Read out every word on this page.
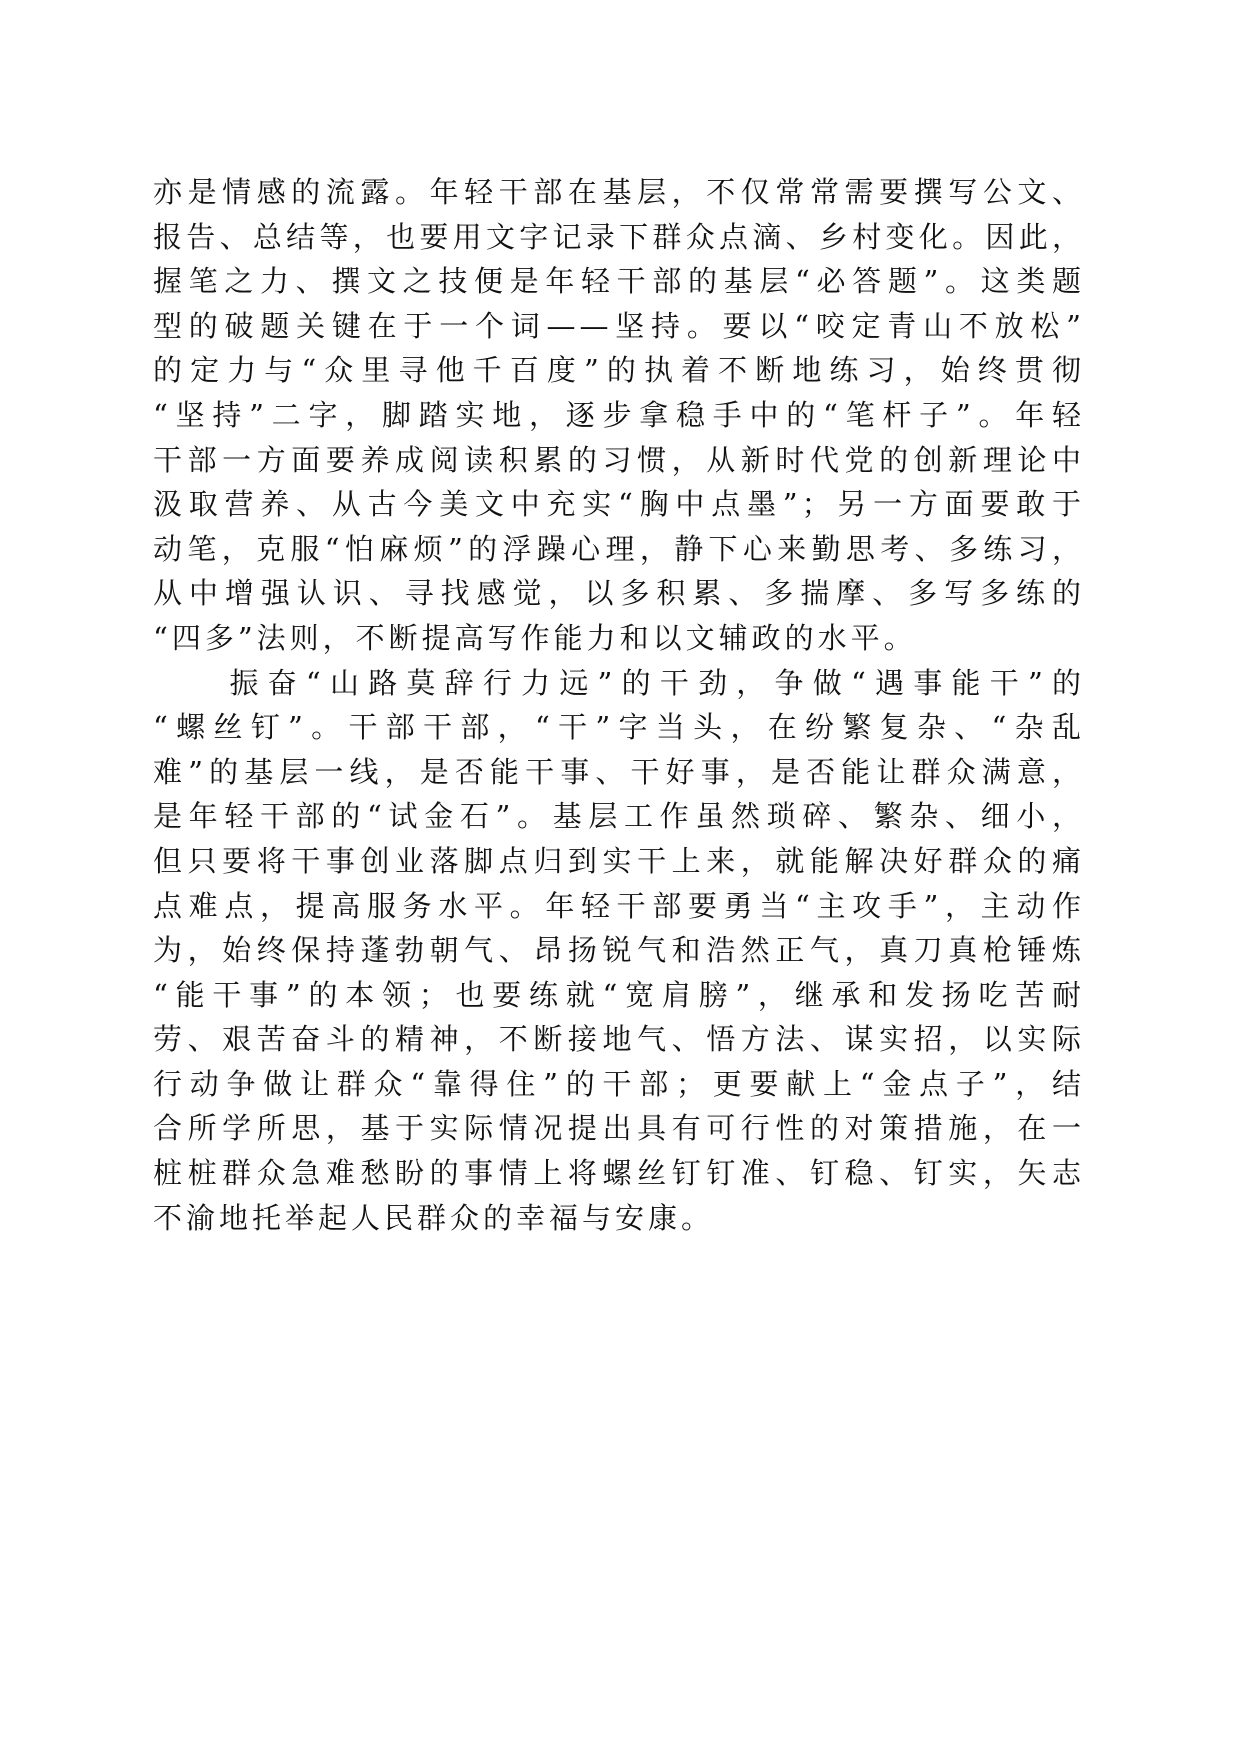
亦是情感的流露。年轻干部在基层，不仅常常需要撰写公文、
报告、总结等，也要用文字记录下群众点滴、乡村变化。因此，
握笔之力、撰文之技便是年轻干部的基层“必答题”。这类题
型的破题关键在于一个词——坚持。要以“咬定青山不放松”
的定力与“众里寻他千百度”的执着不断地练习，始终贯彻
“坚持”二字，脚踏实地，逐步拿稳手中的“笔杆子”。年轻
干部一方面要养成阅读积累的习惯，从新时代党的创新理论中
汲取营养、从古今美文中充实“胸中点墨”；另一方面要敢于
动笔，克服“怕麻烦”的浮躁心理，静下心来勤思考、多练习，
从中增强认识、寻找感觉，以多积累、多揣摩、多写多练的
“四多”法则，不断提高写作能力和以文辅政的水平。
　　振奋“山路莫辞行力远”的干劲，争做“遇事能干”的
“螺丝钉”。干部干部，“干”字当头，在纷繁复杂、“杂乱
难”的基层一线，是否能干事、干好事，是否能让群众满意，
是年轻干部的“试金石”。基层工作虽然琐碎、繁杂、细小，
但只要将干事创业落脚点归到实干上来，就能解决好群众的痛
点难点，提高服务水平。年轻干部要勇当“主攻手”，主动作
为，始终保持蓬勃朝气、昂扬锐气和浩然正气，真刀真枪锤炼
“能干事”的本领；也要练就“宽肩膀”，继承和发扬吃苦耐
劳、艰苦奋斗的精神，不断接地气、悟方法、谋实招，以实际
行动争做让群众“靠得住”的干部；更要献上“金点子”，结
合所学所思，基于实际情况提出具有可行性的对策措施，在一
桩桩群众急难愁盼的事情上将螺丝钉钉准、钉稳、钉实，矢志
不渝地托举起人民群众的幸福与安康。
